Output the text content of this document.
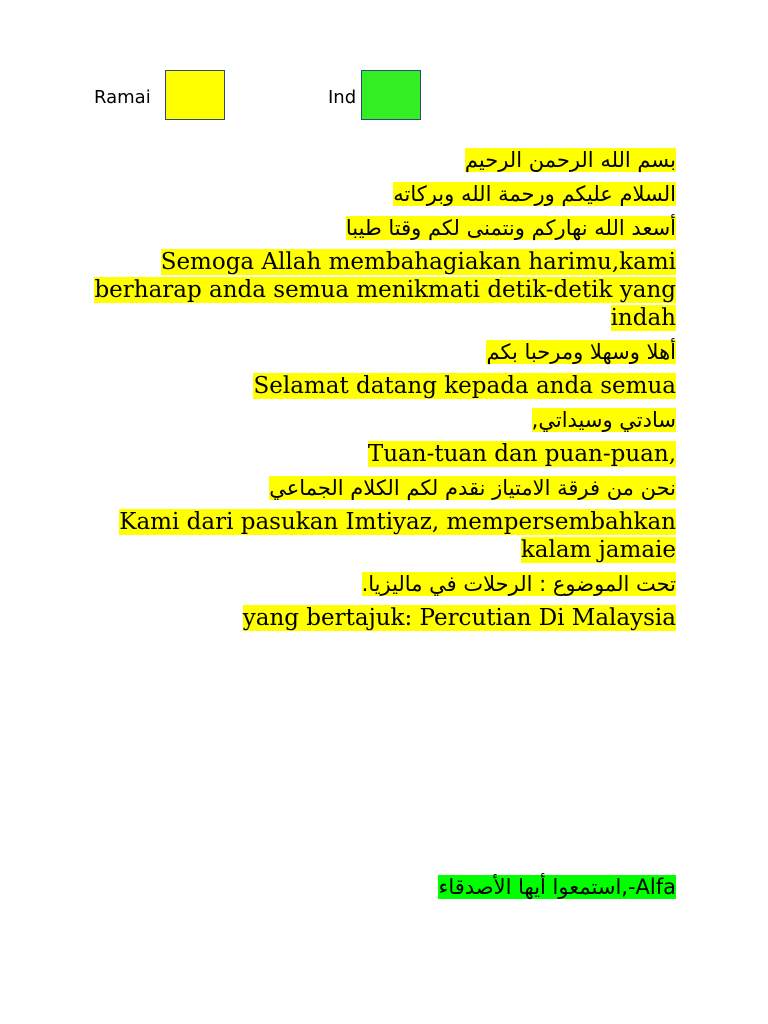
Ramai	Ind

بسم الله الرحمن الرحيم

السلام عليكم ورحمة الله وبركاته

أسعد الله نهاركم ونتمنى لكم وقتا طيبا

Semoga Allah membahagiakan harimu,kami berharap anda semua menikmati detik-detik yang indah

أهلا وسهلا ومرحبا بكم

Selamat datang kepada anda semua

سادتي وسيداتي,

Tuan-tuan dan puan-puan,

نحن من فرقة الامتياز نقدم لكم الكلام الجماعي

Kami dari pasukan Imtiyaz, mempersembahkan kalam jamaie

تحت الموضوع : الرحلات في ماليزيا.

yang bertajuk: Percutian Di Malaysia

Alfa-,استمعوا أيها الأصدقاء
